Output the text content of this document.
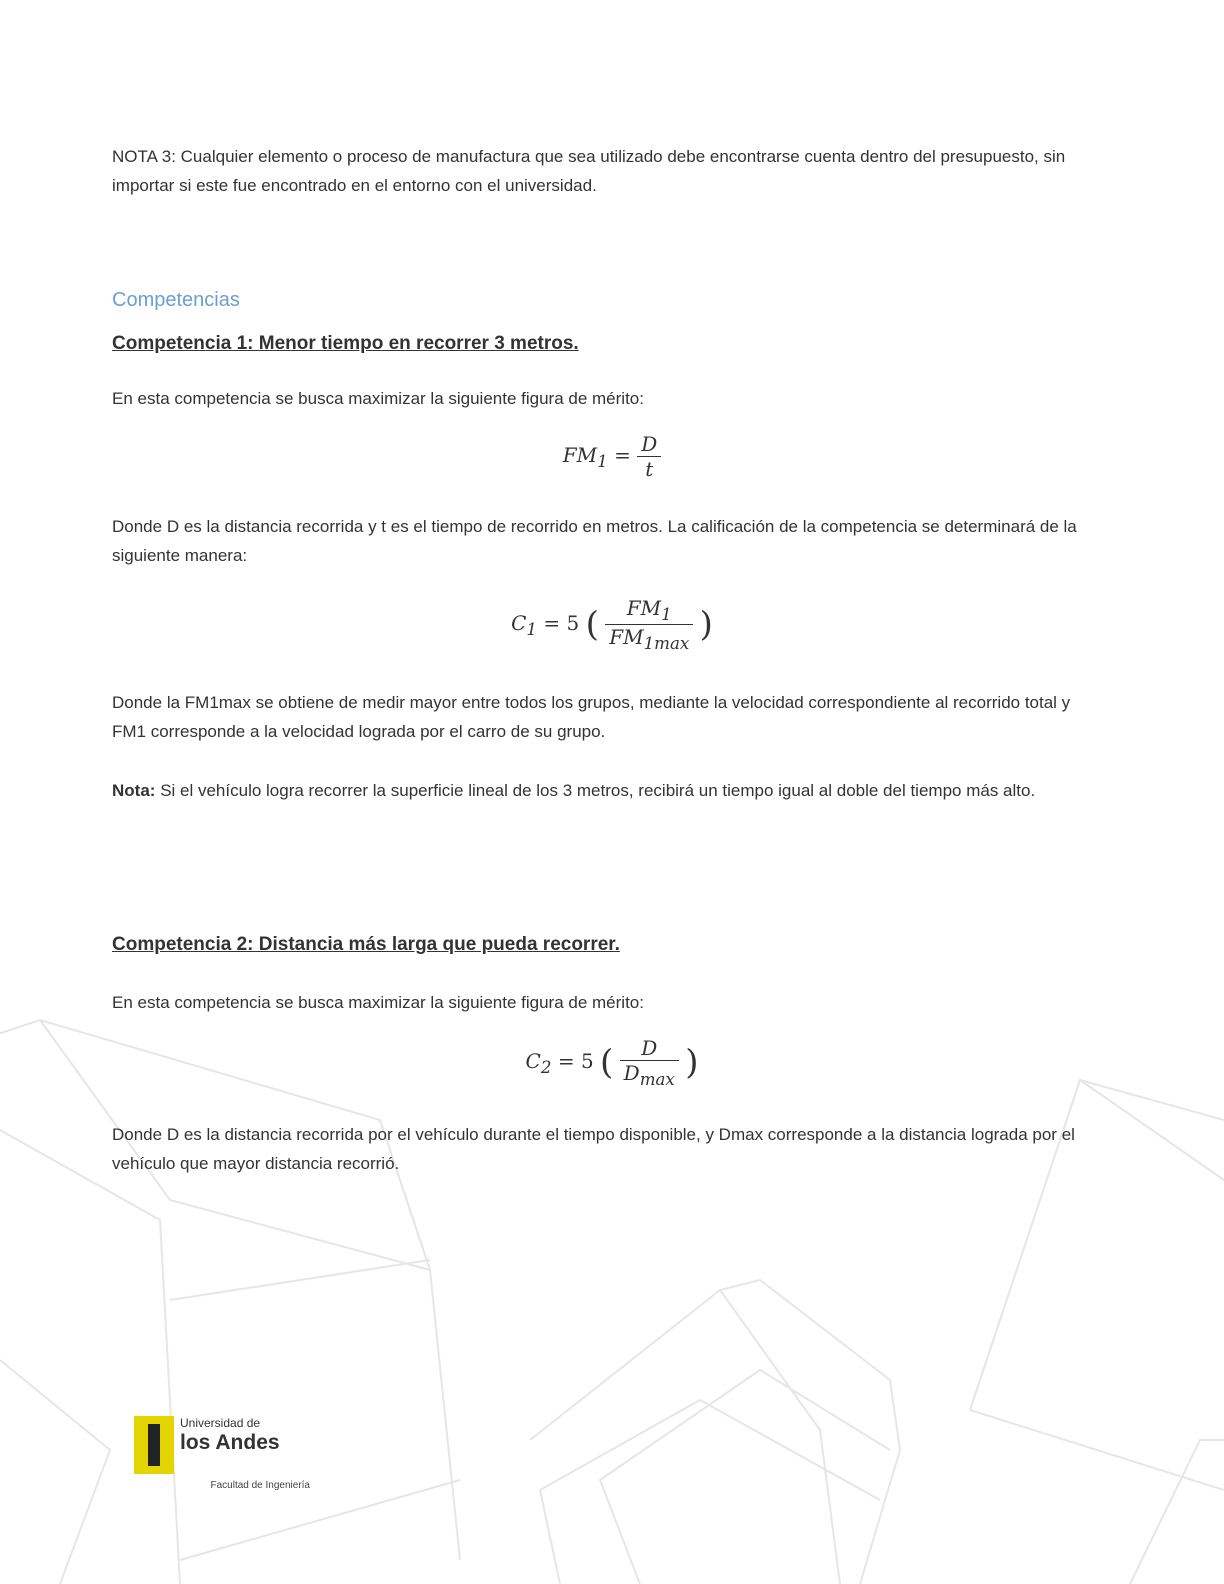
NOTA 3: Cualquier elemento o proceso de manufactura que sea utilizado debe encontrarse cuenta dentro del presupuesto, sin importar si este fue encontrado en el entorno con el universidad.

Competencias
Competencia 1: Menor tiempo en recorrer 3 metros.

En esta competencia se busca maximizar la siguiente figura de mérito:

$FM_1 = \frac{D}{t}$

Donde D es la distancia recorrida y t es el tiempo de recorrido en metros. La calificación de la competencia se determinará de la siguiente manera:

$C_1 = 5$ ( $\frac{FM_1}{FM_{1max}}$ )

Donde la FM1max se obtiene de medir mayor entre todos los grupos, mediante la velocidad correspondiente al recorrido total y FM1 corresponde a la velocidad lograda por el carro de su grupo.

Nota: Si el vehículo logra recorrer la superficie lineal de los 3 metros, recibirá un tiempo igual al doble del tiempo más alto.

Competencia 2: Distancia más larga que pueda recorrer.

En esta competencia se busca maximizar la siguiente figura de mérito:

$C_2 = 5$ ( $\frac{D}{D_{max}}$ )

Donde D es la distancia recorrida por el vehículo durante el tiempo disponible, y Dmax corresponde a la distancia lograda por el vehículo que mayor distancia recorrió.

Universidad de
los Andes
Facultad de Ingeniería
